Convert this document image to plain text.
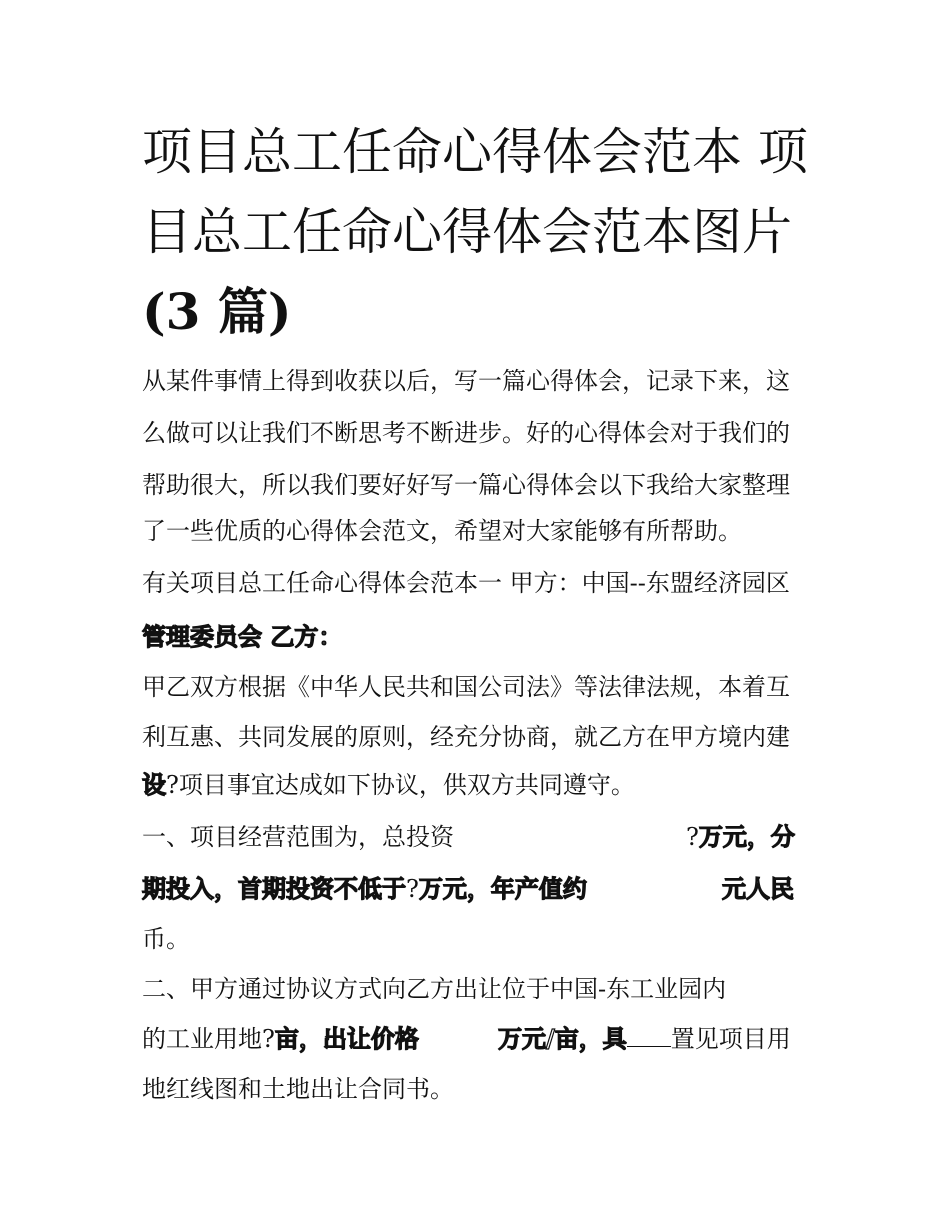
项目总工任命心得体会范本 项
目总工任命心得体会范本图片
(3 篇)
从某件事情上得到收获以后，写一篇心得体会，记录下来，这
么做可以让我们不断思考不断进步。好的心得体会对于我们的
帮助很大，所以我们要好好写一篇心得体会以下我给大家整理
了一些优质的心得体会范文，希望对大家能够有所帮助。
有关项目总工任命心得体会范本一 甲方：中国--东盟经济园区
管理委员会 乙方：
甲乙双方根据《中华人民共和国公司法》等法律法规，本着互
利互惠、共同发展的原则，经充分协商，就乙方在甲方境内建
设?项目事宜达成如下协议，供双方共同遵守。
一、项目经营范围为，总投资	?万元，分
期投入，首期投资不低于?万元，年产值约	元人民
币。
二、甲方通过协议方式向乙方出让位于中国-东工业园内
的工业用地?亩，出让价格	万元/亩，具 置见项目用
地红线图和土地出让合同书。
